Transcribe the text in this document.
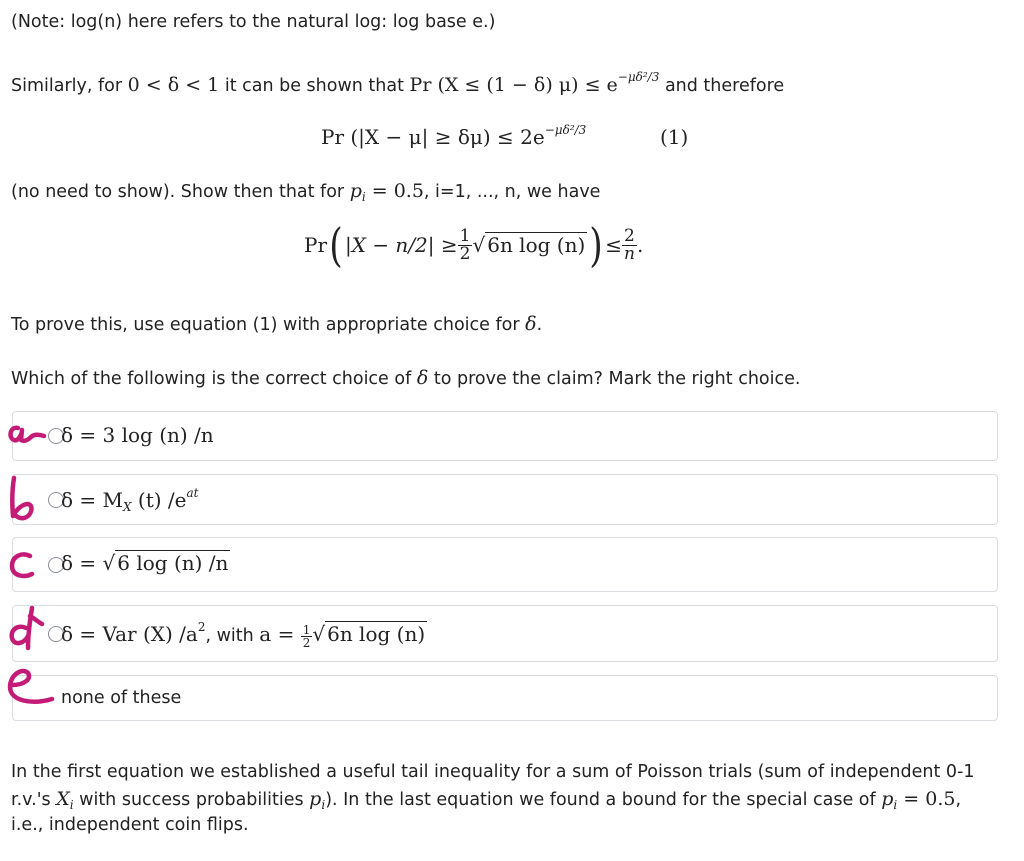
(Note: log(n) here refers to the natural log: log base e.)
Similarly, for 0 < δ < 1 it can be shown that Pr (X ≤ (1 − δ) $\mu) \le e^{-\mu\delta^2/3}$ and therefore
Pr $(|X - \mu| \ge \delta\mu) \le 2e^{-\mu\delta^2/3}$	(1)
(no need to show). Show then that for $p_i = 0.5$, i=1, ..., n, we have
Pr ( $|X - n/2| \ge \frac{1}{2}$ √ 6n log (n) ) ≤ $\frac{2}{n}$ .
To prove this, use equation (1) with appropriate choice for δ.
Which of the following is the correct choice of δ to prove the claim? Mark the right choice.
δ = 3 log (n) /n
$\delta = M_X$ (t) $/e^{at}$
δ = √ 6 log (n) /n
δ = Var (X) $/a^2$, with $a = \frac{1}{2}$ √ 6n log (n)
none of these
In the first equation we established a useful tail inequality for a sum of Poisson trials (sum of independent 0-1
r.v.'s $X_i$ with success probabilities $p_i$). In the last equation we found a bound for the special case of $p_i = 0.5$,
i.e., independent coin flips.
